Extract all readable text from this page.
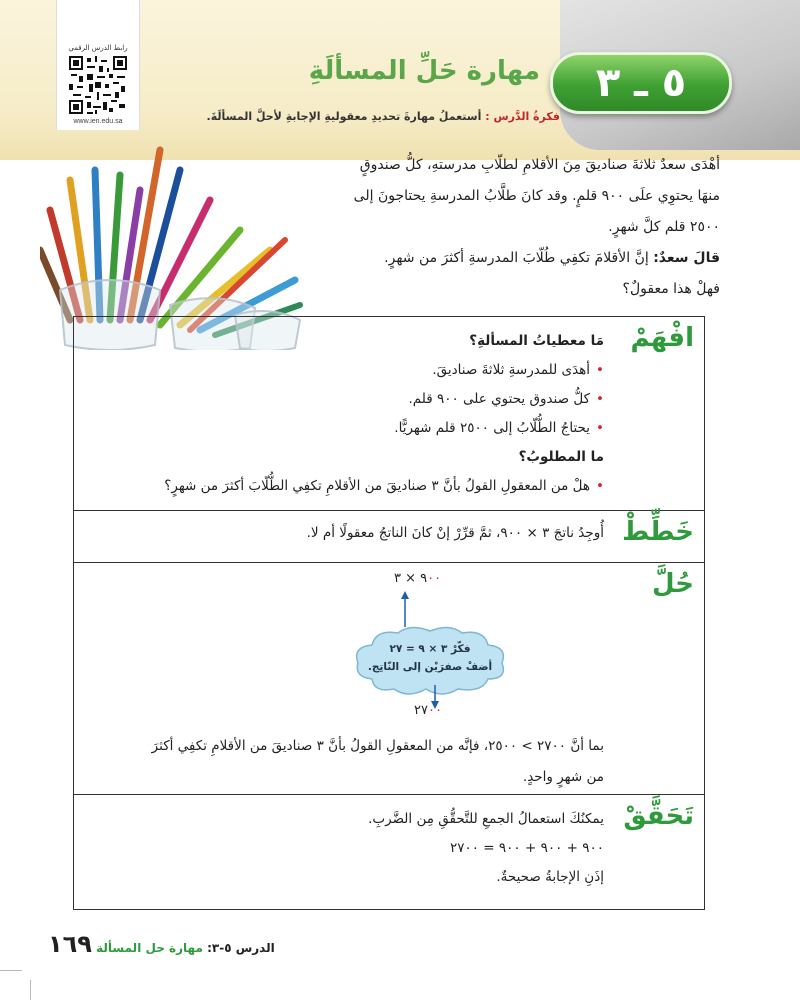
رابط الدرس الرقمي
www.ien.edu.sa
مهارة حَلِّ المسألَةِ ٥ ـ ٣
فكرةُ الدَّرس : أستعملُ مهارةَ تحديدِ معقوليةِ الإجابةِ لأحلَّ المسألَةَ.

أهْدَى سعدٌ ثلاثةَ صناديقَ مِنَ الأقلامِ لطلّابِ مدرستهِ، كلُّ صندوقٍ

منهَا يحتوِي علَى ٩٠٠ قلمٍ. وقد كانَ طلَّابُ المدرسةِ يحتاجونَ إلى

٢٥٠٠ قلم كلَّ شهرٍ.

قالَ سعدٌ: إنَّ الأقلامَ تكفِي طُلّابَ المدرسةِ أكثرَ من شهرٍ.

فهلْ هذا معقولٌ؟

افْهَمْ
مَا معطياتُ المسألةِ؟
• أهدَى للمدرسةِ ثلاثةَ صناديقَ.
• كلُّ صندوق يحتوي على ٩٠٠ قلم.
• يحتاجُ الطُّلّابُ إلى ٢٥٠٠ قلم شهريًّا.
ما المطلوبُ؟
• هلْ من المعقولِ القولُ بأنَّ ٣ صناديقَ من الأقلامِ تكفِي الطُّلّابَ أكثرَ من شهرٍ؟
خَطِّطْ
أُوجِدُ ناتجَ ٣ × ٩٠٠، ثمَّ قرِّرْ إنْ كانَ الناتجُ معقولًا أم لا.
حُلَّ
٩٠٠ × ٣
فكّرْ ٣ × ٩ = ٢٧
أضفْ صفرَيْن إلى النّاتِج.
٢٧٠٠
بما أنَّ ٢٧٠٠ > ٢٥٠٠، فإنَّه من المعقولِ القولُ بأنَّ ٣ صناديقَ من الأقلامِ تكفِي أكثرَ
من شهرٍ واحدٍ.
تَحَقَّقْ
يمكنُكَ استعمالُ الجمعِ للتَّحقُّقِ مِن الضَّربِ.
٩٠٠ + ٩٠٠ + ٩٠٠ = ٢٧٠٠
إذَنِ الإجابةُ صحيحةٌ.
الدرس ٥-٣: مهارة حل المسألة ١٦٩
